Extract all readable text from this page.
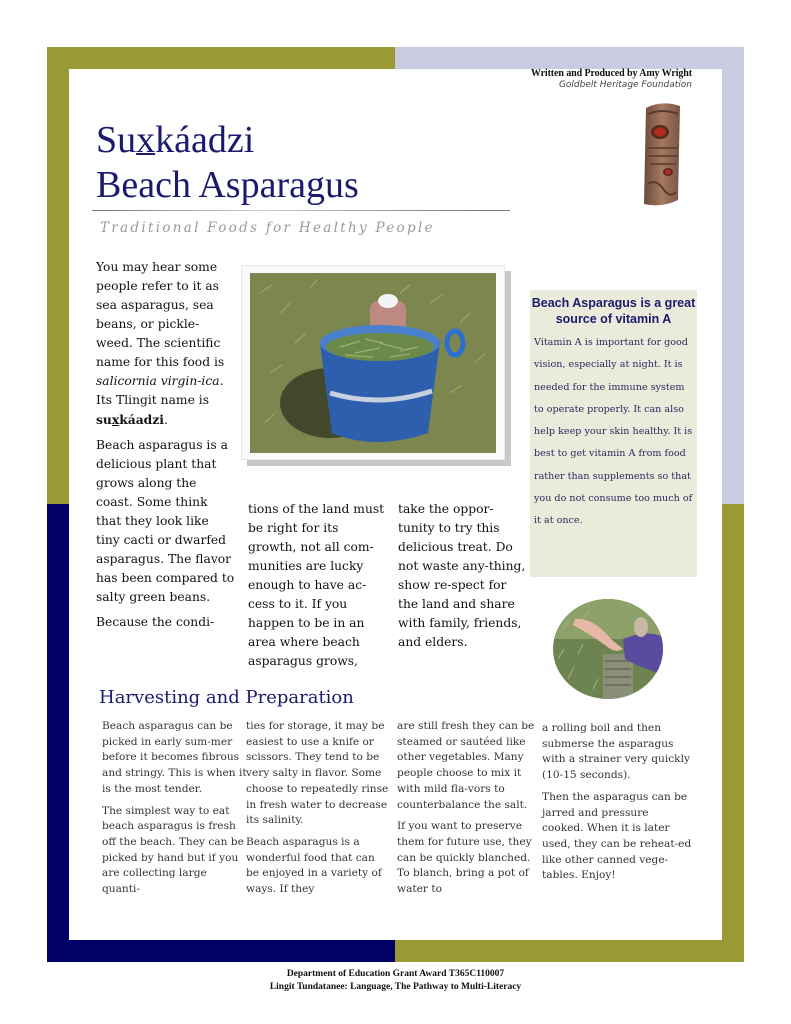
Written and Produced by Amy Wright
Goldbelt Heritage Foundation
Suxkáadzi
Beach Asparagus
Traditional Foods for Healthy People

You may hear some people refer to it as sea asparagus, sea beans, or pickle-weed. The scientific name for this food is salicornia virgin-ica. Its Tlingit name is suxkáadzi.

Beach asparagus is a delicious plant that grows along the coast. Some think that they look like tiny cacti or dwarfed asparagus. The flavor has been compared to salty green beans.

Because the condi-

tions of the land must be right for its growth, not all com-munities are lucky enough to have ac-cess to it. If you happen to be in an area where beach asparagus grows,
take the oppor-tunity to try this delicious treat. Do not waste any-thing, show re-spect for the land and share with family, friends, and elders.
Beach Asparagus is a great source of vitamin A
Vitamin A is important for good vision, especially at night. It is needed for the immune system to operate properly. It can also help keep your skin healthy. It is best to get vitamin A from food rather than supplements so that you do not consume too much of it at once.
Harvesting and Preparation

Beach asparagus can be picked in early sum-mer before it becomes fibrous and stringy. This is when it is the most tender.

The simplest way to eat beach asparagus is fresh off the beach. They can be picked by hand but if you are collecting large quanti-

ties for storage, it may be easiest to use a knife or scissors. They tend to be very salty in flavor. Some choose to repeatedly rinse in fresh water to decrease its salinity.

Beach asparagus is a wonderful food that can be enjoyed in a variety of ways. If they

are still fresh they can be steamed or sautéed like other vegetables. Many people choose to mix it with mild fla-vors to counterbalance the salt.

If you want to preserve them for future use, they can be quickly blanched. To blanch, bring a pot of water to

a rolling boil and then submerse the asparagus with a strainer very quickly (10-15 seconds).

Then the asparagus can be jarred and pressure cooked. When it is later used, they can be reheat-ed like other canned vege-tables. Enjoy!

Department of Education Grant Award T365C110007
Lingit Tundatanee: Language, The Pathway to Multi-Literacy
